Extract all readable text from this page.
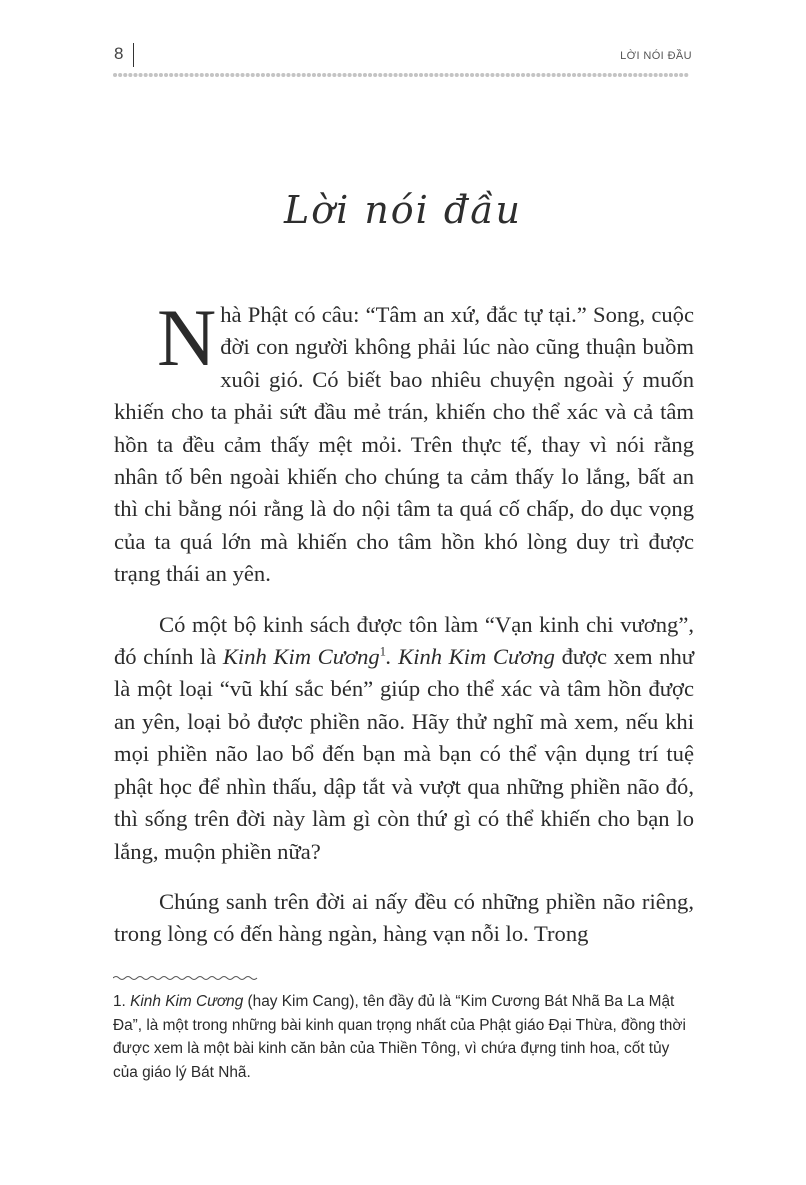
8	LỜI NÓI ĐẦU
Lời nói đầu

Nhà Phật có câu: “Tâm an xứ, đắc tự tại.” Song, cuộc đời con người không phải lúc nào cũng thuận buồm xuôi gió. Có biết bao nhiêu chuyện ngoài ý muốn khiến cho ta phải sứt đầu mẻ trán, khiến cho thể xác và cả tâm hồn ta đều cảm thấy mệt mỏi. Trên thực tế, thay vì nói rằng nhân tố bên ngoài khiến cho chúng ta cảm thấy lo lắng, bất an thì chi bằng nói rằng là do nội tâm ta quá cố chấp, do dục vọng của ta quá lớn mà khiến cho tâm hồn khó lòng duy trì được trạng thái an yên.

Có một bộ kinh sách được tôn làm “Vạn kinh chi vương”, đó chính là Kinh Kim Cương$^1$. Kinh Kim Cương được xem như là một loại “vũ khí sắc bén” giúp cho thể xác và tâm hồn được an yên, loại bỏ được phiền não. Hãy thử nghĩ mà xem, nếu khi mọi phiền não lao bổ đến bạn mà bạn có thể vận dụng trí tuệ phật học để nhìn thấu, dập tắt và vượt qua những phiền não đó, thì sống trên đời này làm gì còn thứ gì có thể khiến cho bạn lo lắng, muộn phiền nữa?

Chúng sanh trên đời ai nấy đều có những phiền não riêng, trong lòng có đến hàng ngàn, hàng vạn nỗi lo. Trong

1. Kinh Kim Cương (hay Kim Cang), tên đầy đủ là “Kim Cương Bát Nhã Ba La Mật Đa”, là một trong những bài kinh quan trọng nhất của Phật giáo Đại Thừa, đồng thời được xem là một bài kinh căn bản của Thiền Tông, vì chứa đựng tinh hoa, cốt tủy của giáo lý Bát Nhã.
